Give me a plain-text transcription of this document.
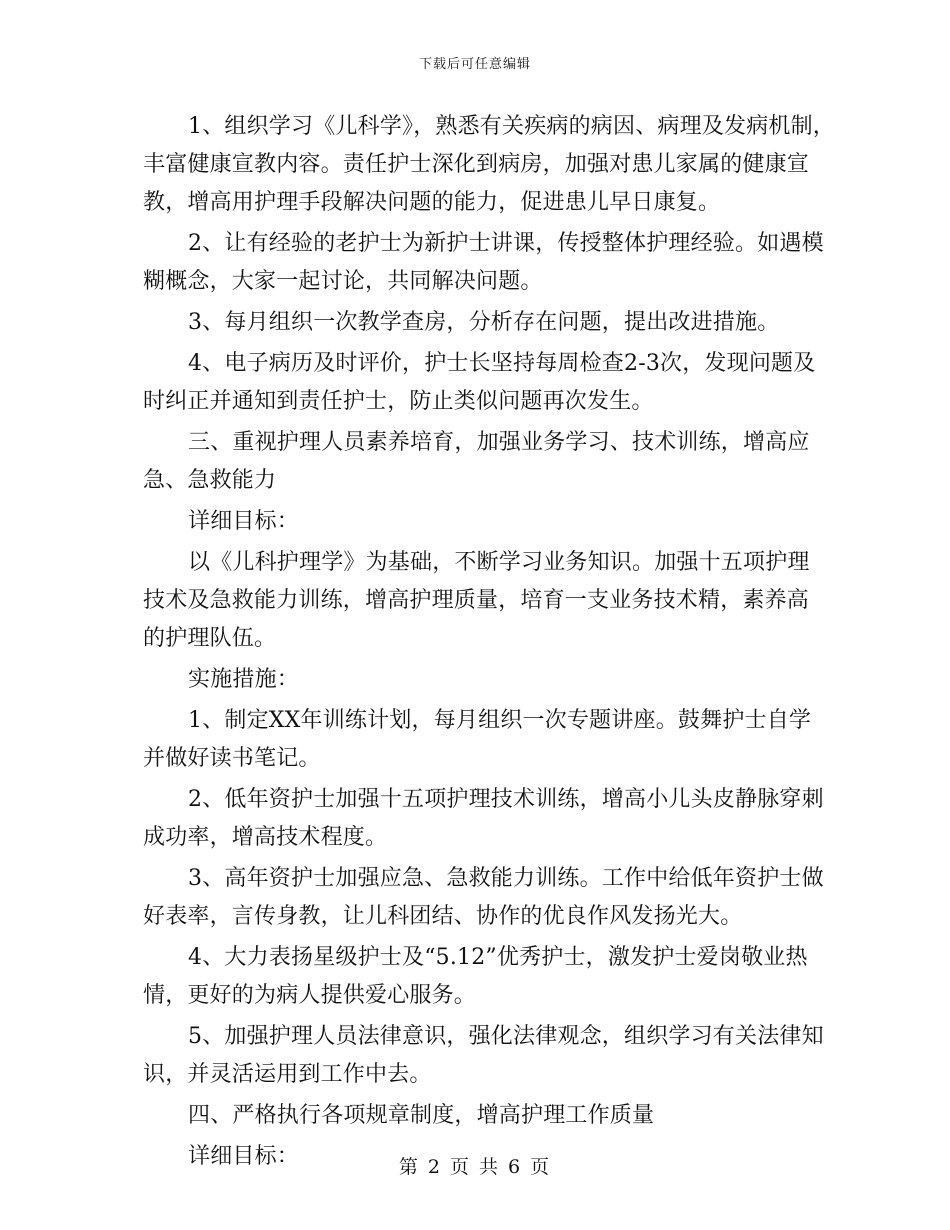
下载后可任意编辑

1、组织学习《儿科学》，熟悉有关疾病的病因、病理及发病机制，
丰富健康宣教内容。责任护士深化到病房，加强对患儿家属的健康宣
教，增高用护理手段解决问题的能力，促进患儿早日康复。

2、让有经验的老护士为新护士讲课，传授整体护理经验。如遇模
糊概念，大家一起讨论，共同解决问题。

3、每月组织一次教学查房，分析存在问题，提出改进措施。

4、电子病历及时评价，护士长坚持每周检查2-3次，发现问题及
时纠正并通知到责任护士，防止类似问题再次发生。

三、重视护理人员素养培育，加强业务学习、技术训练，增高应
急、急救能力

详细目标：

以《儿科护理学》为基础，不断学习业务知识。加强十五项护理
技术及急救能力训练，增高护理质量，培育一支业务技术精，素养高
的护理队伍。

实施措施：

1、制定XX年训练计划，每月组织一次专题讲座。鼓舞护士自学
并做好读书笔记。

2、低年资护士加强十五项护理技术训练，增高小儿头皮静脉穿刺
成功率，增高技术程度。

3、高年资护士加强应急、急救能力训练。工作中给低年资护士做
好表率，言传身教，让儿科团结、协作的优良作风发扬光大。

4、大力表扬星级护士及“5.12”优秀护士，激发护士爱岗敬业热
情，更好的为病人提供爱心服务。

5、加强护理人员法律意识，强化法律观念，组织学习有关法律知
识，并灵活运用到工作中去。

四、严格执行各项规章制度，增高护理工作质量

详细目标：	第 2 页 共 6 页
